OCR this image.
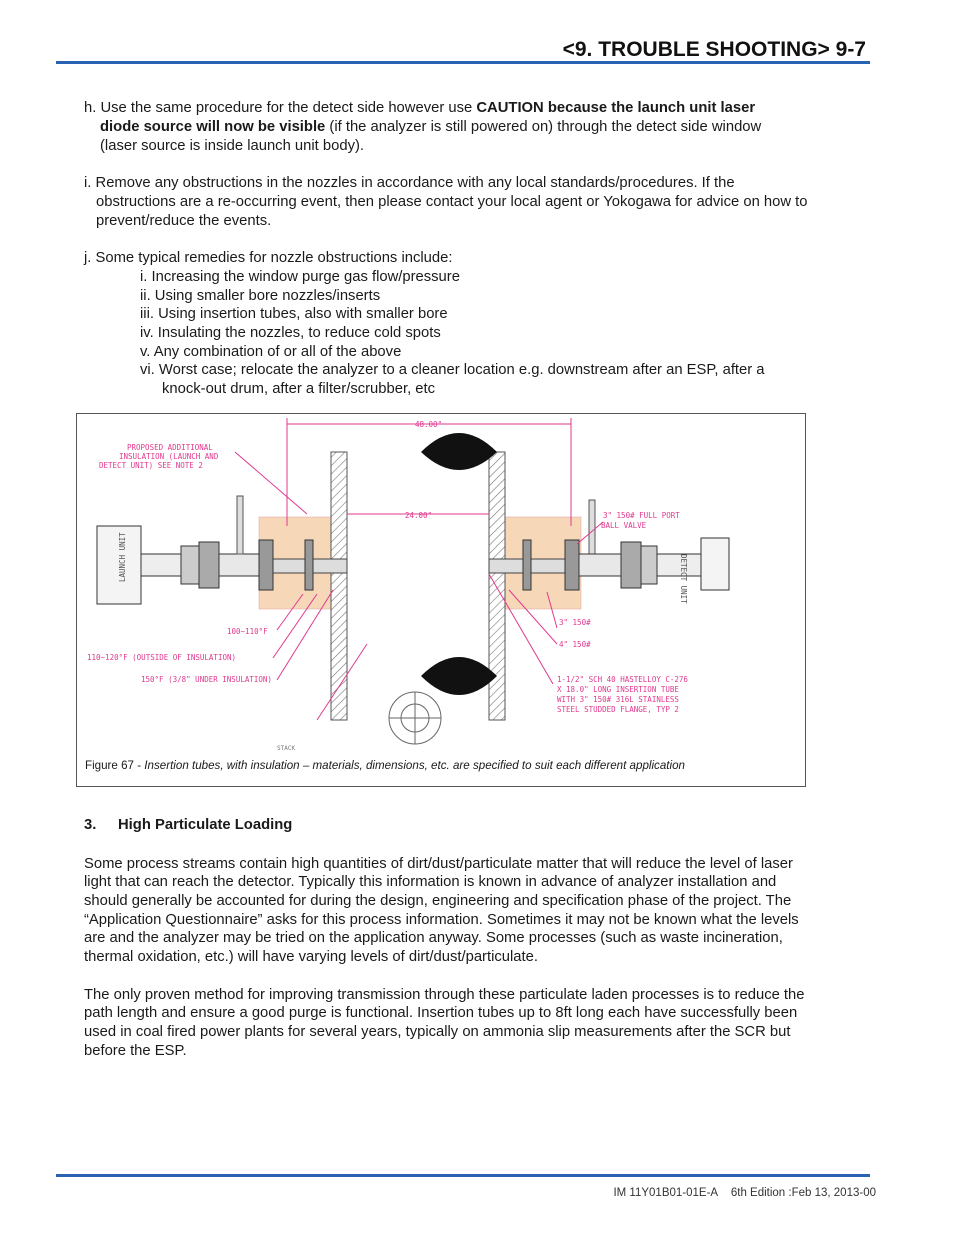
<9. TROUBLE SHOOTING> 9-7
h. Use the same procedure for the detect side however use CAUTION because the launch unit laser
diode source will now be visible (if the analyzer is still powered on) through the detect side window
(laser source is inside launch unit body).
i. Remove any obstructions in the nozzles in accordance with any local standards/procedures. If the
obstructions are a re-occurring event, then please contact your local agent or Yokogawa for advice on how to
prevent/reduce the events.
j. Some typical remedies for nozzle obstructions include:
i. Increasing the window purge gas flow/pressure
ii. Using smaller bore nozzles/inserts
iii. Using insertion tubes, also with smaller bore
iv. Insulating the nozzles, to reduce cold spots
v. Any combination of or all of the above
vi. Worst case; relocate the analyzer to a cleaner location e.g. downstream after an ESP, after a
knock-out drum, after a filter/scrubber, etc
PROPOSED ADDITIONAL
INSULATION (LAUNCH AND
DETECT UNIT) SEE NOTE 2
48.00"
24.00"	3" 150# FULL PORT
BALL VALVE
LAUNCH UNIT	DETECT UNIT
100~110°F
110~120°F (OUTSIDE OF INSULATION)
150°F (3/8" UNDER INSULATION)
3" 150#
4" 150#
1-1/2" SCH 40 HASTELLOY C-276
X 18.0" LONG INSERTION TUBE
WITH 3" 150# 316L STAINLESS
STEEL STUDDED FLANGE, TYP 2
STACK
Figure 67 - Insertion tubes, with insulation – materials, dimensions, etc. are specified to suit each different application
3. High Particulate Loading
Some process streams contain high quantities of dirt/dust/particulate matter that will reduce the level of laser
light that can reach the detector. Typically this information is known in advance of analyzer installation and
should generally be accounted for during the design, engineering and specification phase of the project. The
“Application Questionnaire” asks for this process information. Sometimes it may not be known what the levels
are and the analyzer may be tried on the application anyway. Some processes (such as waste incineration,
thermal oxidation, etc.) will have varying levels of dirt/dust/particulate.
The only proven method for improving transmission through these particulate laden processes is to reduce the
path length and ensure a good purge is functional. Insertion tubes up to 8ft long each have successfully been
used in coal fired power plants for several years, typically on ammonia slip measurements after the SCR but
before the ESP.
IM 11Y01B01-01E-A 6th Edition :Feb 13, 2013-00
